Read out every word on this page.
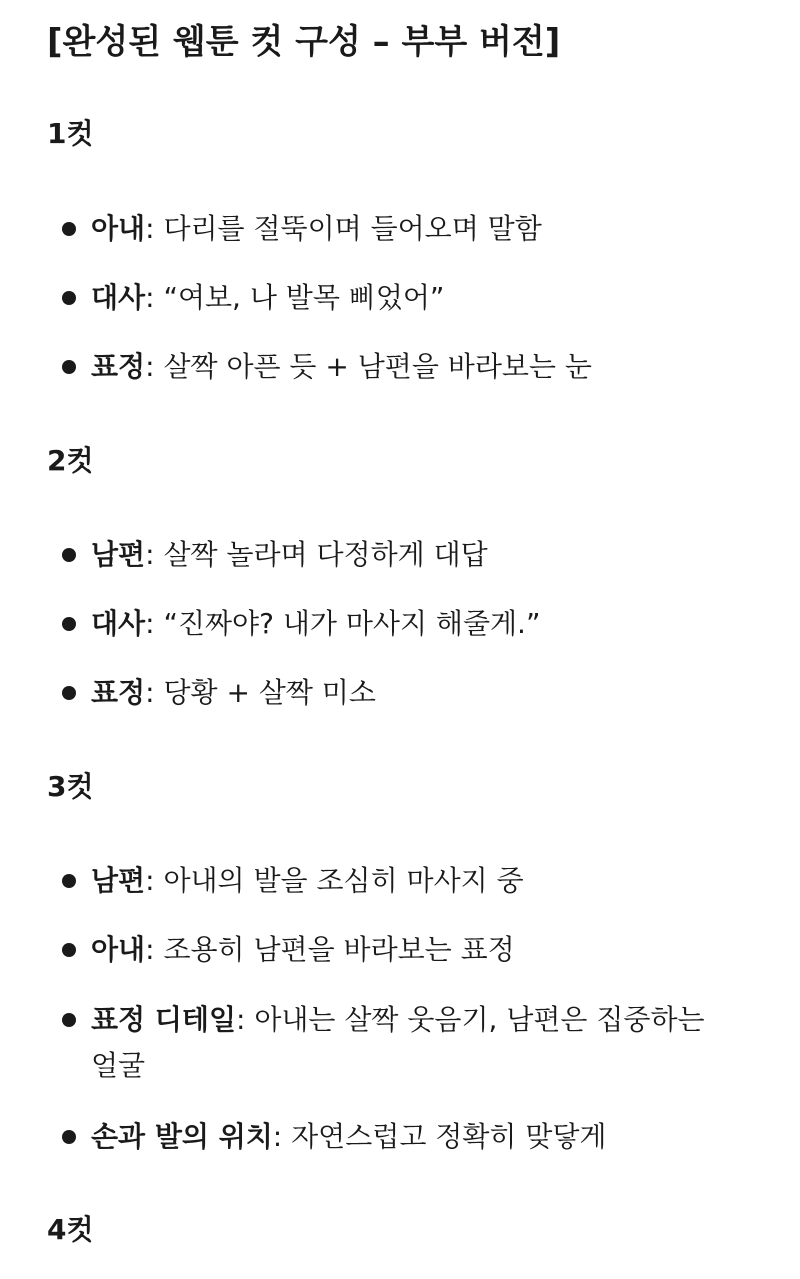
[완성된 웹툰 컷 구성 – 부부 버전]
1컷
아내: 다리를 절뚝이며 들어오며 말함
대사: “여보, 나 발목 삐었어”
표정: 살짝 아픈 듯 + 남편을 바라보는 눈
2컷
남편: 살짝 놀라며 다정하게 대답
대사: “진짜야? 내가 마사지 해줄게.”
표정: 당황 + 살짝 미소
3컷
남편: 아내의 발을 조심히 마사지 중
아내: 조용히 남편을 바라보는 표정
표정 디테일: 아내는 살짝 웃음기, 남편은 집중하는 얼굴
손과 발의 위치: 자연스럽고 정확히 맞닿게
4컷
